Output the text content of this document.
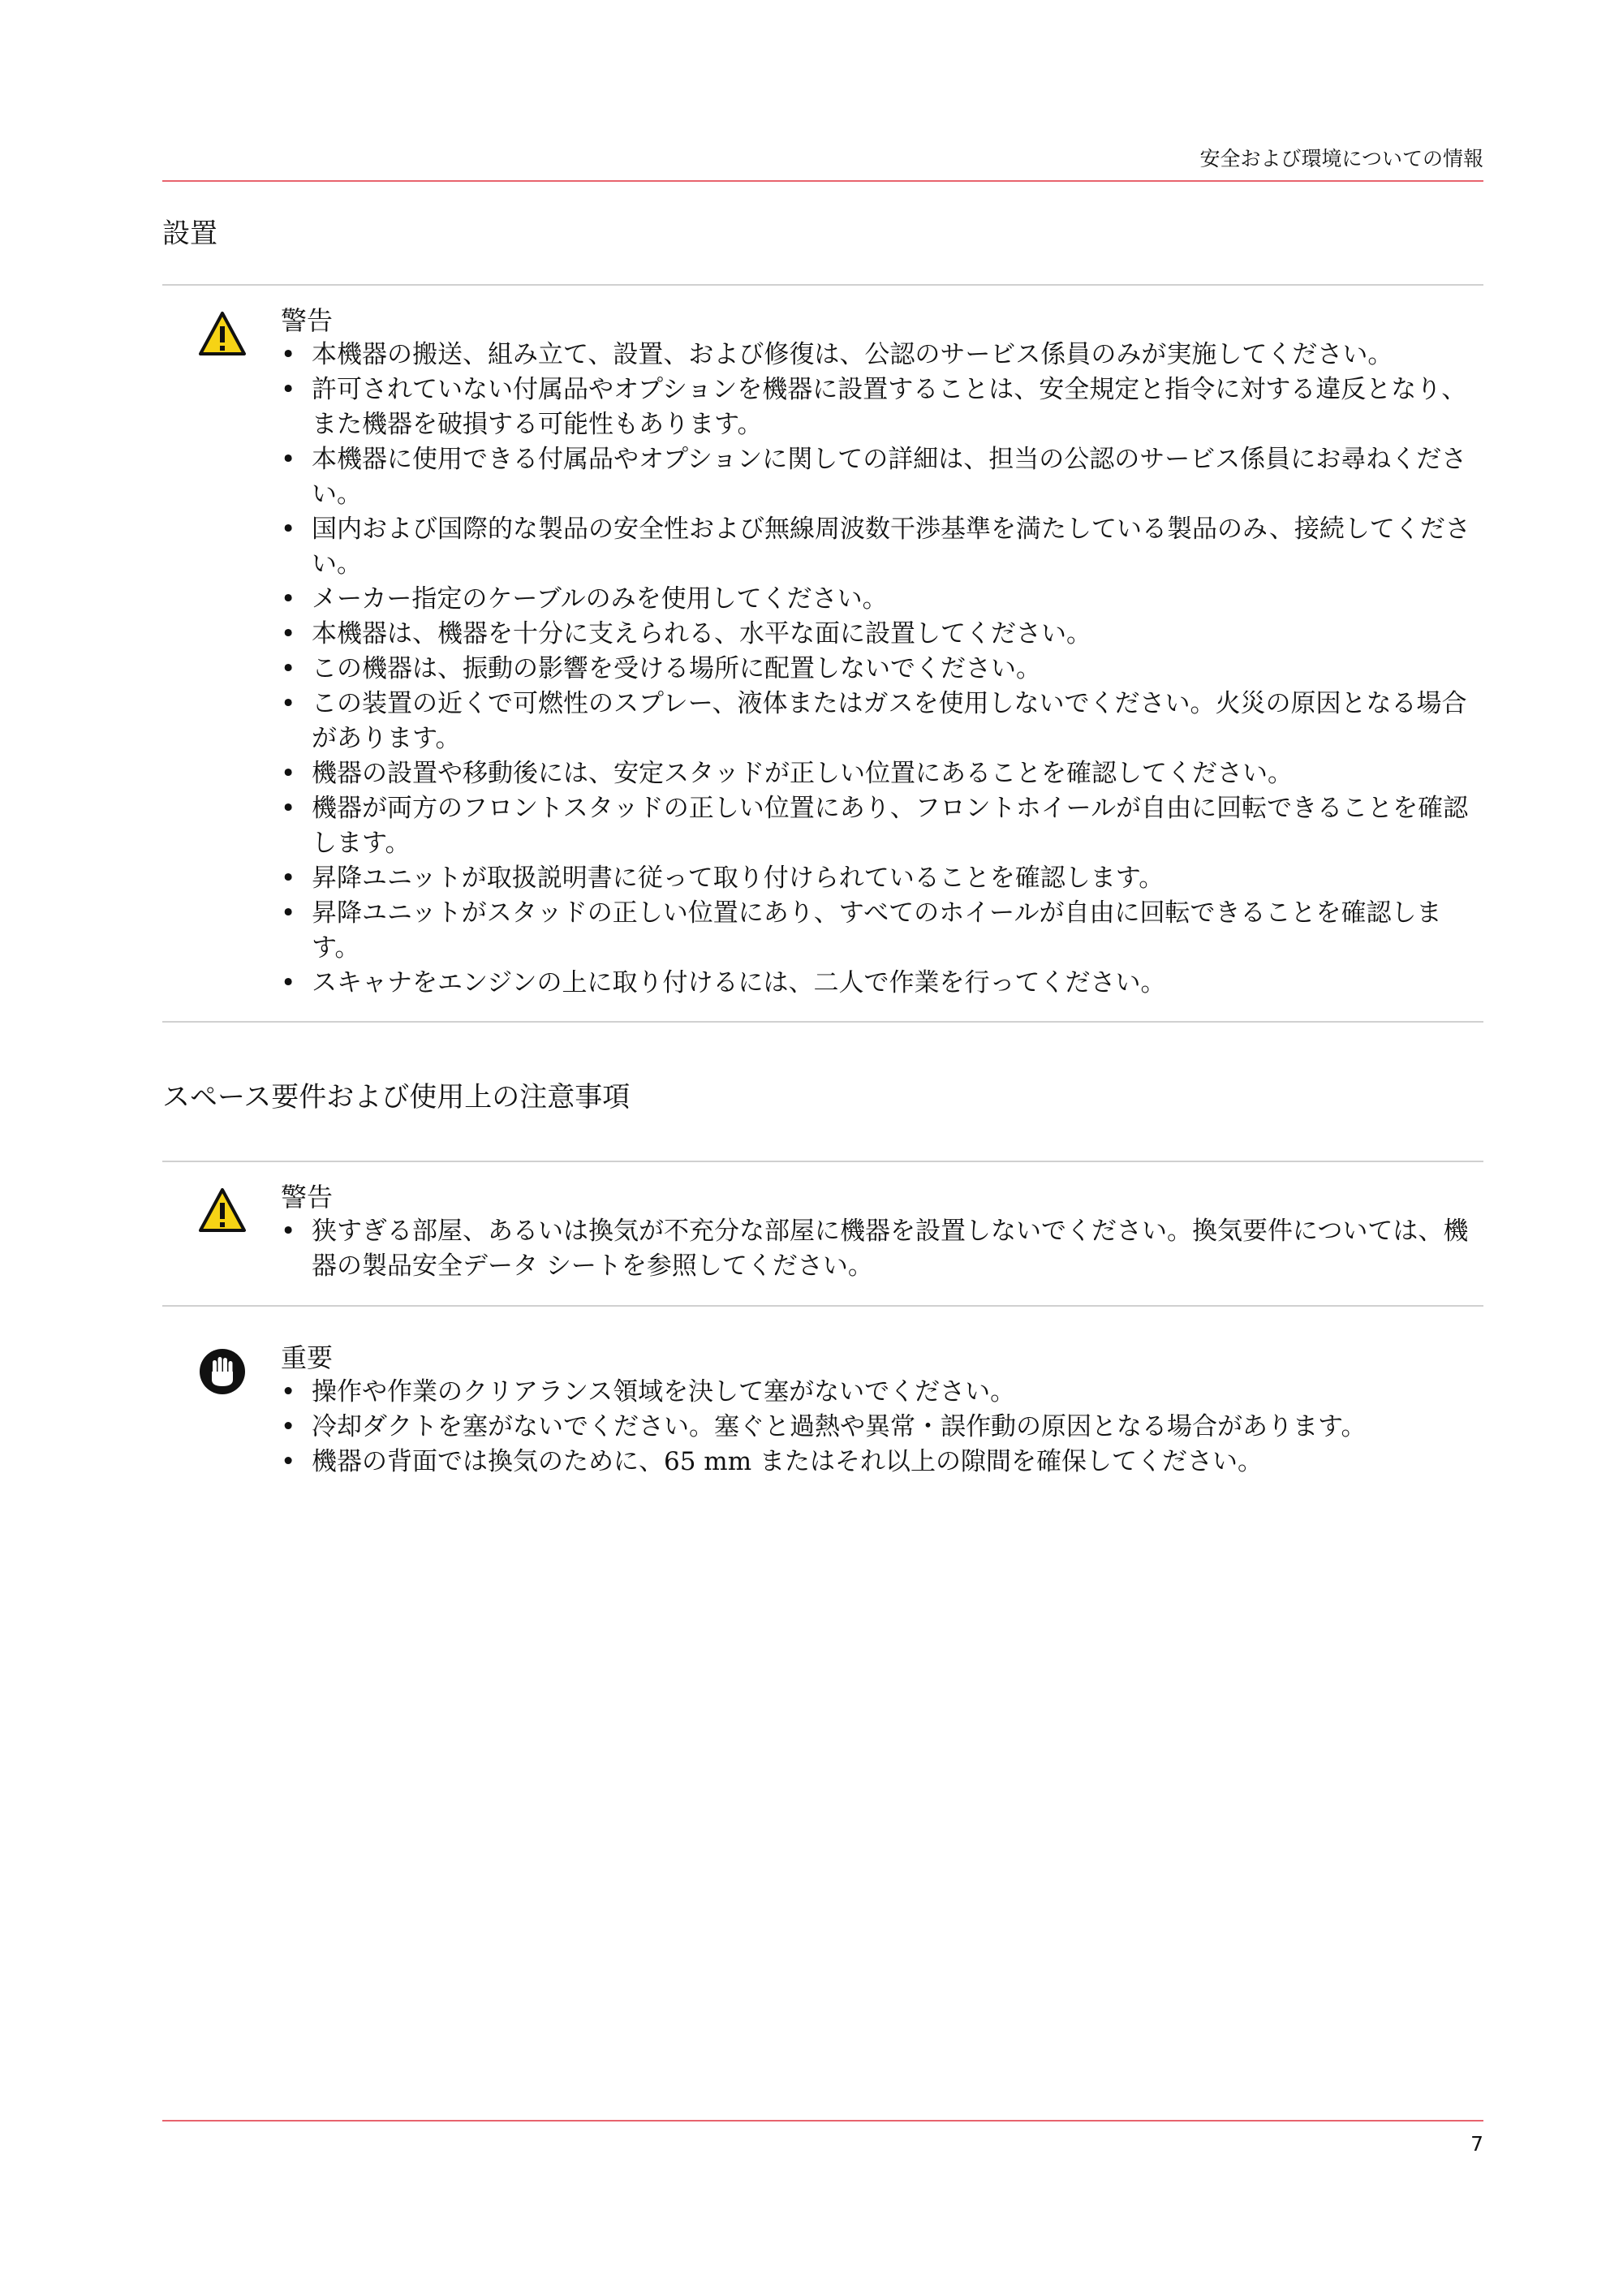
安全および環境についての情報
設置
警告
• 本機器の搬送、組み立て、設置、および修復は、公認のサービス係員のみが実施してください。
• 許可されていない付属品やオプションを機器に設置することは、安全規定と指令に対する違反となり、また機器を破損する可能性もあります。
• 本機器に使用できる付属品やオプションに関しての詳細は、担当の公認のサービス係員にお尋ねください。
• 国内および国際的な製品の安全性および無線周波数干渉基準を満たしている製品のみ、接続してください。
• メーカー指定のケーブルのみを使用してください。
• 本機器は、機器を十分に支えられる、水平な面に設置してください。
• この機器は、振動の影響を受ける場所に配置しないでください。
• この装置の近くで可燃性のスプレー、液体またはガスを使用しないでください。火災の原因となる場合があります。
• 機器の設置や移動後には、安定スタッドが正しい位置にあることを確認してください。
• 機器が両方のフロントスタッドの正しい位置にあり、フロントホイールが自由に回転できることを確認します。
• 昇降ユニットが取扱説明書に従って取り付けられていることを確認します。
• 昇降ユニットがスタッドの正しい位置にあり、すべてのホイールが自由に回転できることを確認します。
• スキャナをエンジンの上に取り付けるには、二人で作業を行ってください。
スペース要件および使用上の注意事項
警告
• 狭すぎる部屋、あるいは換気が不充分な部屋に機器を設置しないでください。換気要件については、機器の製品安全データ シートを参照してください。
重要
• 操作や作業のクリアランス領域を決して塞がないでください。
• 冷却ダクトを塞がないでください。塞ぐと過熱や異常・誤作動の原因となる場合があります。
• 機器の背面では換気のために、65 mm またはそれ以上の隙間を確保してください。
7
